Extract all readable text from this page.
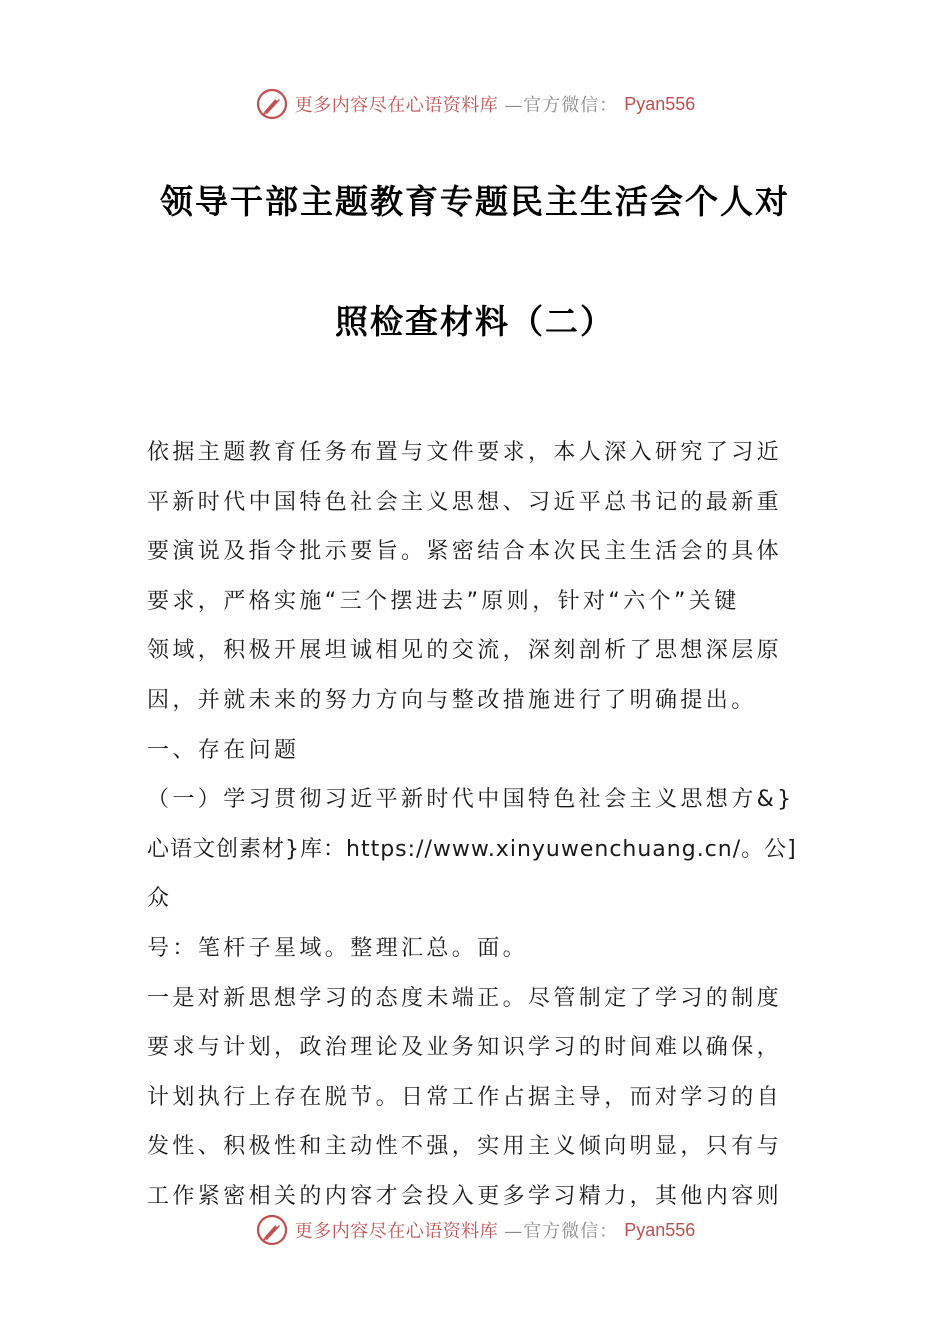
更多内容尽在心语资料库 —官方微信： Pyan556
领导干部主题教育专题民主生活会个人对
照检查材料（二）

依据主题教育任务布置与文件要求，本人深入研究了习近

平新时代中国特色社会主义思想、习近平总书记的最新重

要演说及指令批示要旨。紧密结合本次民主生活会的具体

要求，严格实施“三个摆进去”原则，针对“六个”关键

领域，积极开展坦诚相见的交流，深刻剖析了思想深层原

因，并就未来的努力方向与整改措施进行了明确提出。

一、存在问题

（一）学习贯彻习近平新时代中国特色社会主义思想方&}

心语文创素材}库：https://www.xinyuwenchuang.cn/。公]众

号：笔杆子星域。整理汇总。面。

一是对新思想学习的态度未端正。尽管制定了学习的制度

要求与计划，政治理论及业务知识学习的时间难以确保，

计划执行上存在脱节。日常工作占据主导，而对学习的自

发性、积极性和主动性不强，实用主义倾向明显，只有与

工作紧密相关的内容才会投入更多学习精力，其他内容则

更多内容尽在心语资料库 —官方微信： Pyan556
